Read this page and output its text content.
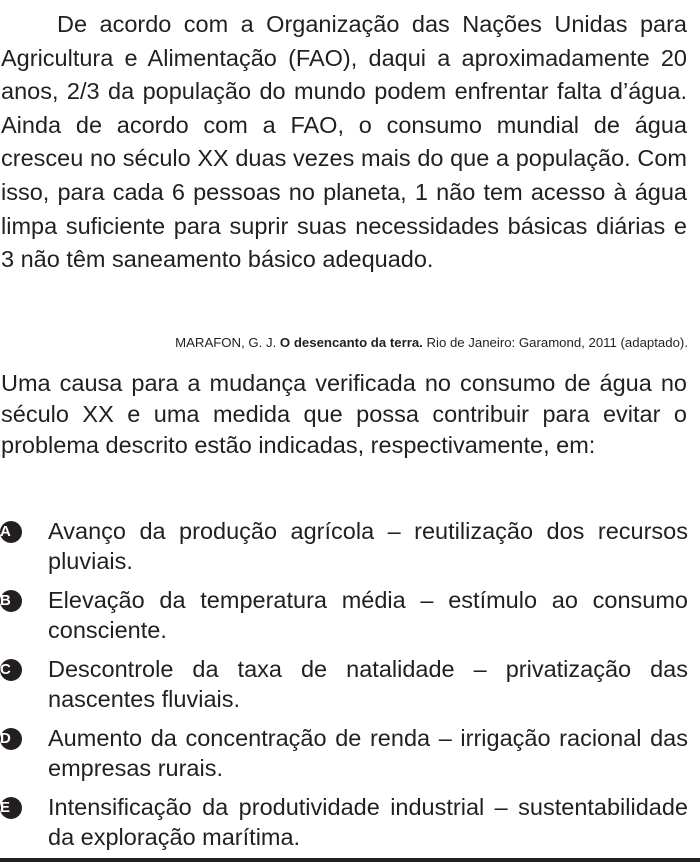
De acordo com a Organização das Nações Unidas para Agricultura e Alimentação (FAO), daqui a aproximadamente 20 anos, 2/3 da população do mundo podem enfrentar falta d’água. Ainda de acordo com a FAO, o consumo mundial de água cresceu no século XX duas vezes mais do que a população. Com isso, para cada 6 pessoas no planeta, 1 não tem acesso à água limpa suficiente para suprir suas necessidades básicas diárias e 3 não têm saneamento básico adequado.

MARAFON, G. J. O desencanto da terra. Rio de Janeiro: Garamond, 2011 (adaptado).

Uma causa para a mudança verificada no consumo de água no século XX e uma medida que possa contribuir para evitar o problema descrito estão indicadas, respectivamente, em:

A	Avanço da produção agrícola – reutilização dos recursos pluviais.
B	Elevação da temperatura média – estímulo ao consumo consciente.
C	Descontrole da taxa de natalidade – privatização das nascentes fluviais.
D	Aumento da concentração de renda – irrigação racional das empresas rurais.
E	Intensificação da produtividade industrial – sustentabilidade da exploração marítima.
